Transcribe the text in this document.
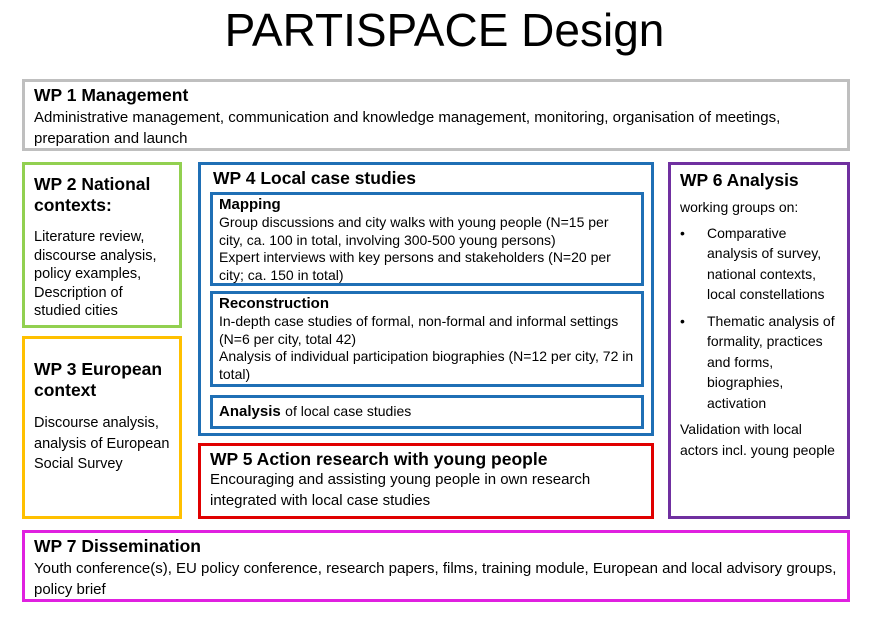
PARTISPACE Design
WP 1 Management
Administrative management, communication and knowledge management, monitoring, organisation of meetings, preparation and launch
WP 2 National contexts:
Literature review, discourse analysis, policy examples, Description of studied cities
WP 3 European context
Discourse analysis, analysis of European Social Survey
WP 4 Local case studies
Mapping
Group discussions and city walks with young people (N=15 per city, ca. 100 in total, involving 300-500 young persons)
Expert interviews with key persons and stakeholders (N=20 per city; ca. 150 in total)
Reconstruction
In-depth case studies of formal, non-formal and informal settings (N=6 per city, total 42)
Analysis of individual participation biographies (N=12 per city, 72 in total)
Analysis of local case studies
WP 5 Action research with young people
Encouraging and assisting young people in own research integrated with local case studies
WP 6 Analysis
working groups on:
• Comparative analysis of survey, national contexts, local constellations
• Thematic analysis of formality, practices and forms, biographies, activation
Validation with local actors incl. young people
WP 7 Dissemination
Youth conference(s), EU policy conference, research papers, films, training module, European and local advisory groups, policy brief
